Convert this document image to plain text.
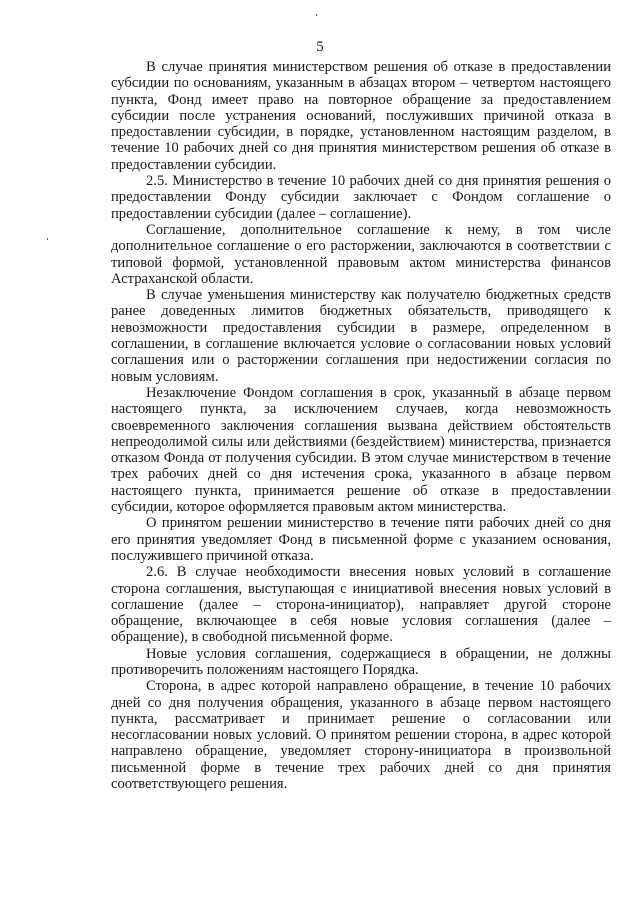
5

В случае принятия министерством решения об отказе в предоставлении субсидии по основаниям, указанным в абзацах втором – четвертом настоящего пункта, Фонд имеет право на повторное обращение за предоставлением субсидии после устранения оснований, послуживших причиной отказа в предоставлении субсидии, в порядке, установленном настоящим разделом, в течение 10 рабочих дней со дня принятия министерством решения об отказе в предоставлении субсидии.

2.5. Министерство в течение 10 рабочих дней со дня принятия решения о предоставлении Фонду субсидии заключает с Фондом соглашение о предоставлении субсидии (далее – соглашение).

Соглашение, дополнительное соглашение к нему, в том числе дополнительное соглашение о его расторжении, заключаются в соответствии с типовой формой, установленной правовым актом министерства финансов Астраханской области.

В случае уменьшения министерству как получателю бюджетных средств ранее доведенных лимитов бюджетных обязательств, приводящего к невозможности предоставления субсидии в размере, определенном в соглашении, в соглашение включается условие о согласовании новых условий соглашения или о расторжении соглашения при недостижении согласия по новым условиям.

Незаключение Фондом соглашения в срок, указанный в абзаце первом настоящего пункта, за исключением случаев, когда невозможность своевременного заключения соглашения вызвана действием обстоятельств непреодолимой силы или действиями (бездействием) министерства, признается отказом Фонда от получения субсидии. В этом случае министерством в течение трех рабочих дней со дня истечения срока, указанного в абзаце первом настоящего пункта, принимается решение об отказе в предоставлении субсидии, которое оформляется правовым актом министерства.

О принятом решении министерство в течение пяти рабочих дней со дня его принятия уведомляет Фонд в письменной форме с указанием основания, послужившего причиной отказа.

2.6. В случае необходимости внесения новых условий в соглашение сторона соглашения, выступающая с инициативой внесения новых условий в соглашение (далее – сторона-инициатор), направляет другой стороне обращение, включающее в себя новые условия соглашения (далее – обращение), в свободной письменной форме.

Новые условия соглашения, содержащиеся в обращении, не должны противоречить положениям настоящего Порядка.

Сторона, в адрес которой направлено обращение, в течение 10 рабочих дней со дня получения обращения, указанного в абзаце первом настоящего пункта, рассматривает и принимает решение о согласовании или несогласовании новых условий. О принятом решении сторона, в адрес которой направлено обращение, уведомляет сторону-инициатора в произвольной письменной форме в течение трех рабочих дней со дня принятия соответствующего решения.
